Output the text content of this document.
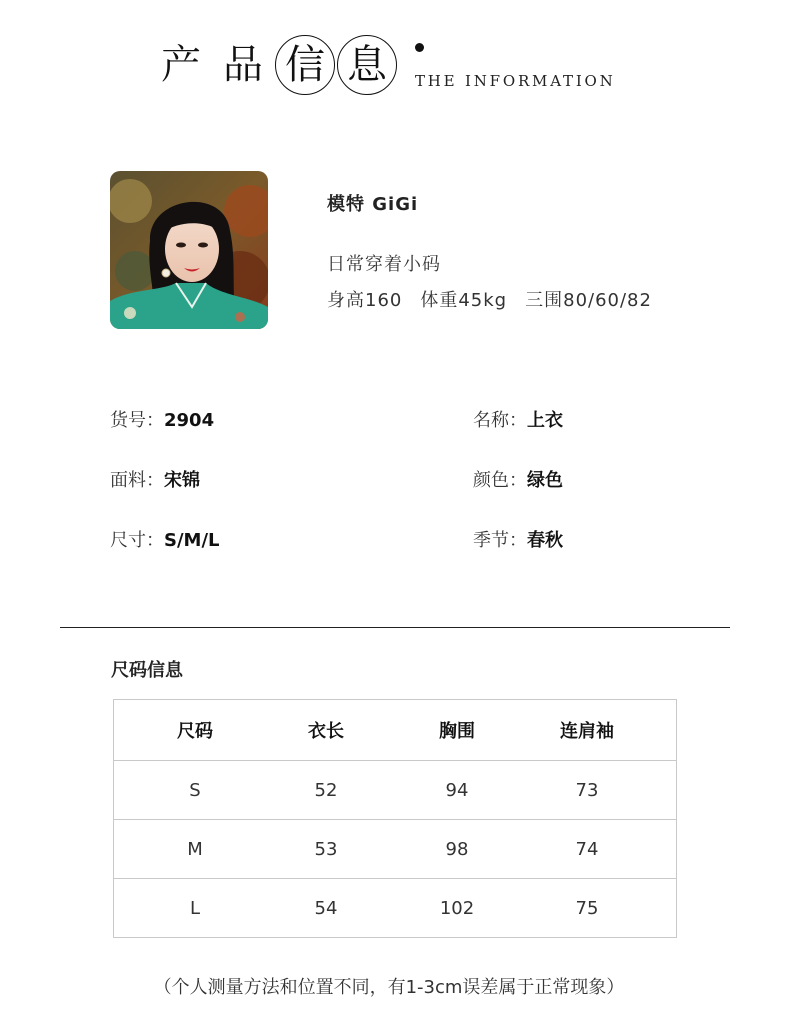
产 品 信 息	THE INFORMATION
模特 GiGi
日常穿着小码
身高160 体重45kg 三围80/60/82
货号：2904	名称：上衣
面料：宋锦	颜色：绿色
尺寸：S/M/L	季节：春秋
尺码信息
尺码	衣长	胸围	连肩袖
S	52	94	73
M	53	98	74
L	54	102	75
（个人测量方法和位置不同，有1-3cm误差属于正常现象）
